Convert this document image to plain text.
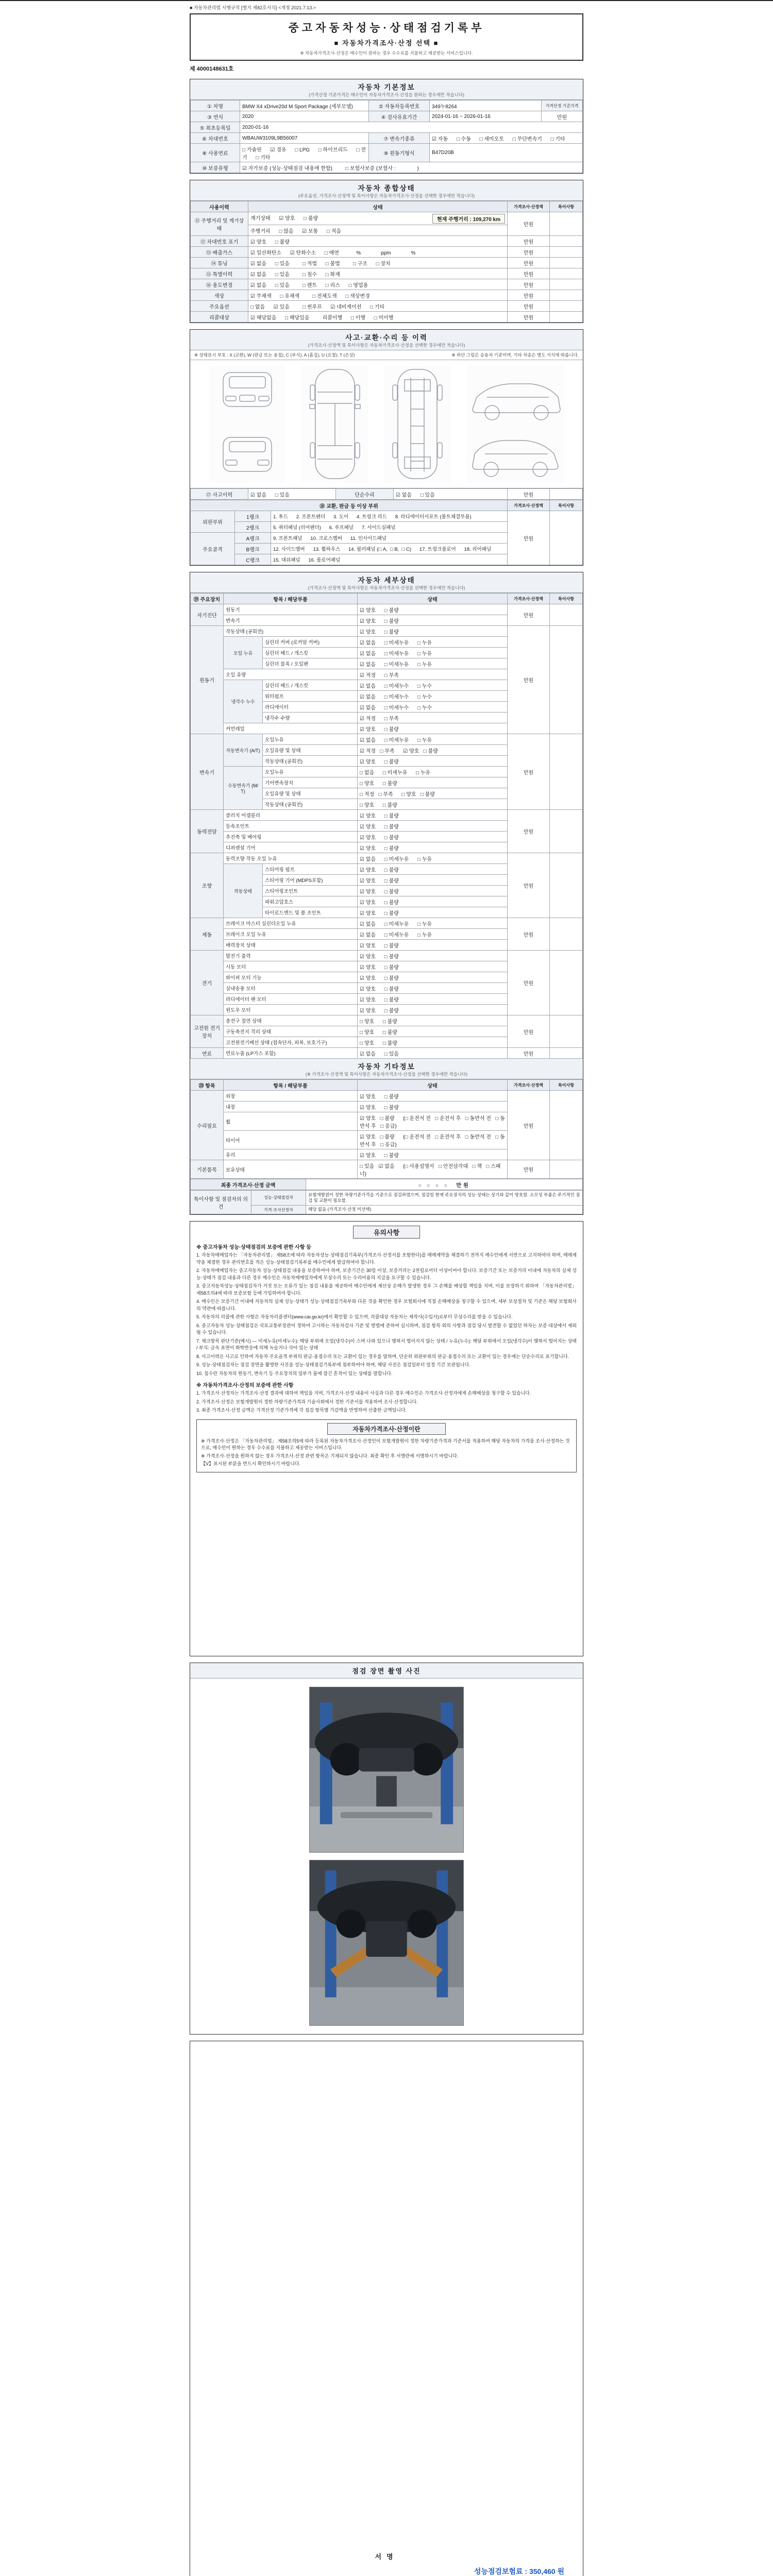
■ 자동차관리법 시행규칙 [별지 제82호서식] <개정 2021.7.13.>
중고자동차성능·상태점검기록부
■ 자동차가격조사·산정 선택 ■
※ 자동차가격조사·산정은 매수인이 원하는 경우 수수료를 지불하고 제공받는 서비스입니다.
제 4000148631호
자동차 기본정보
(가격산정 기준가격은 매수인이 자동차가격조사·산정을 원하는 경우에만 적습니다)
① 차명	BMW X4 xDrive20d M Sport Package (세부모델)	② 자동차등록번호	349누8264	가격산정 기준가격
③ 연식	2020	④ 검사유효기간	2024-01-16 ~ 2026-01-16	만원
⑤ 최초등록일	2020-01-16			
⑥ 차대번호	WBAUW3109L9B56007	⑦ 변속기종류	☑ 자동      □ 수동      □ 세미오토      □ 무단변속기      □ 기타	
⑧ 사용연료	□ 가솔린      ☑ 경유      □ LPG      □ 하이브리드      □ 전기      □ 기타	⑨ 원동기형식	B47D20B	
⑩ 보증유형	☑ 자가보증 (성능·상태점검 내용에 한함)         □ 보험사보증 (보험사 :               )			
자동차 종합상태
(주요옵션, 가격조사·산정액 및 특이사항은 자동차가격조사·산정을 선택한 경우에만 적습니다)
사용이력	상태	가격조사·산정액	특이사항
⑪ 주행거리 및 계기상태	계기상태      ☑ 양호      □ 불량 현재 주행거리 : 109,270 km	만원	
	주행거리      □ 많음      ☑ 보통      □ 적음		
⑫ 차대번호 표기	☑ 양호      □ 불량	만원	
⑬ 배출가스	☑ 일산화탄소      ☑ 탄화수소      □ 매연            %              ppm              %	만원	
⑭ 튜닝	☑ 없음      □ 있음         □ 적법      □ 불법         □ 구조      □ 장치	만원	
⑮ 특별이력	☑ 없음      □ 있음         □ 침수      □ 화재	만원	
⑯ 용도변경	☑ 없음      □ 있음         □ 렌트      □ 리스      □ 영업용	만원	
색상	☑ 무채색      □ 유채색         □ 전체도색      □ 색상변경	만원	
주요옵션	□ 없음      ☑ 있음         □ 썬루프      ☑ 네비게이션      □ 기타	만원	
리콜대상	☑ 해당없음      □ 해당있음         리콜이행      □ 이행      □ 미이행	만원	
사고·교환·수리 등 이력
(가격조사·산정액 및 특이사항은 자동차가격조사·산정을 선택한 경우에만 적습니다)
※ 상태표시 부호 : X (교환), W (판금 또는 용접), C (부식), A (흠집), U (요철), T (손상)	※ 하단 그림은 승용차 기준이며, 기타 차종은 별도 서식에 따릅니다.
⑰ 사고이력	☑ 없음      □ 있음	단순수리	☑ 없음      □ 있음	만원	
⑱ 교환, 판금 등 이상 부위			가격조사·산정액	특이사항
외판부위	1랭크	1. 후드      2. 프론트펜더      3. 도어      4. 트렁크 리드      8. 라디에이터서포트 (볼트체결부품)	만원	
	2랭크	5. 쿼터패널 (리어펜더)      6. 루프패널      7. 사이드실패널		
주요골격	A랭크	9. 프론트패널      10. 크로스멤버      11. 인사이드패널		
	B랭크	12. 사이드멤버      13. 휠하우스      14. 필러패널 (□ A,  □ B,  □ C)      17. 트렁크플로어      18. 리어패널		
	C랭크	15. 대쉬패널      16. 플로어패널		
자동차 세부상태
(가격조사·산정액 및 특이사항은 자동차가격조사·산정을 선택한 경우에만 적습니다)
⑲ 주요장치	항목 / 해당부품		상태	가격조사·산정액	특이사항
자기진단	원동기		☑ 양호      □ 불량	만원	
	변속기		☑ 양호      □ 불량		
원동기	작동상태 (공회전)		☑ 양호      □ 불량	만원	
	오일 누유	실린더 커버 (로커암 커버)	☑ 없음      □ 미세누유      □ 누유		
		실린더 헤드 / 개스킷	☑ 없음      □ 미세누유      □ 누유		
		실린더 블록 / 오일팬	☑ 없음      □ 미세누유      □ 누유		
	오일 유량		☑ 적정      □ 부족		
	냉각수 누수	실린더 헤드 / 개스킷	☑ 없음      □ 미세누수      □ 누수		
		워터펌프	☑ 없음      □ 미세누수      □ 누수		
		라디에이터	☑ 없음      □ 미세누수      □ 누수		
		냉각수 수량	☑ 적정      □ 부족		
	커먼레일		☑ 양호      □ 불량		
변속기	자동변속기 (A/T)	오일누유	☑ 없음      □ 미세누유      □ 누유	만원	
		오일유량 및 상태	☑ 적정   □ 부족      ☑ 양호   □ 불량		
		작동상태 (공회전)	☑ 양호      □ 불량		
	수동변속기 (M/T)	오일누유	□ 없음      □ 미세누유      □ 누유		
		기어변속장치	□ 양호      □ 불량		
		오일유량 및 상태	□ 적정   □ 부족      □ 양호   □ 불량		
		작동상태 (공회전)	□ 양호      □ 불량		
동력전달	클러치 어셈블리		☑ 양호      □ 불량	만원	
	등속조인트		☑ 양호      □ 불량		
	추진축 및 베어링		☑ 양호      □ 불량		
	디퍼렌셜 기어		☑ 양호      □ 불량		
조향	동력조향 작동 오일 누유		☑ 없음      □ 미세누유      □ 누유	만원	
	작동상태	스티어링 펌프	☑ 양호      □ 불량		
		스티어링 기어 (MDPS포함)	☑ 양호      □ 불량		
		스티어링조인트	☑ 양호      □ 불량		
		파워고압호스	☑ 양호      □ 불량		
		타이로드엔드 및 볼 조인트	☑ 양호      □ 불량		
제동	브레이크 마스터 실린더오일 누유		☑ 없음      □ 미세누유      □ 누유	만원	
	브레이크 오일 누유		☑ 없음      □ 미세누유      □ 누유		
	배력장치 상태		☑ 양호      □ 불량		
전기	발전기 출력		☑ 양호      □ 불량	만원	
	시동 모터		☑ 양호      □ 불량		
	와이퍼 모터 기능		☑ 양호      □ 불량		
	실내송풍 모터		☑ 양호      □ 불량		
	라디에이터 팬 모터		☑ 양호      □ 불량		
	윈도우 모터		☑ 양호      □ 불량		
고전원 전기장치	충전구 절연 상태		□ 양호      □ 불량	만원	
	구동축전지 격리 상태		□ 양호      □ 불량		
	고전원전기배선 상태 (접속단자, 피복, 보호기구)		□ 양호      □ 불량		
연료	연료누출 (LP가스 포함)		☑ 없음      □ 있음	만원	
자동차 기타정보
(※ 가격조사·산정액 및 특이사항은 자동차가격조사·산정을 선택한 경우에만 적습니다)
⑳ 항목	항목 / 해당부품	상태	가격조사·산정액	특이사항
수리필요	외장	☑ 양호      □ 불량	만원	
	내장	☑ 양호      □ 불량		
	휠	☑ 양호   □ 불량      (□ 운전석 전   □ 운전석 후   □ 동반석 전   □ 동반석 후   □ 응급)		
	타이어	☑ 양호   □ 불량      (□ 운전석 전   □ 운전석 후   □ 동반석 전   □ 동반석 후   □ 응급)		
	유리	☑ 양호      □ 불량		
기본품목	보유상태	□ 있음   ☑ 없음      (□ 사용설명서   □ 안전삼각대   □ 잭   □ 스패너)	만원	
최종 가격조사·산정 금액	○ ○ ○ ○  만원
특이사항 및 점검자의 의견	성능·상태점검자	보험개발원이 정한 차량기준가격을 기준으로 점검하였으며, 점검일 현재 주요장치의 성능·상태는 상기와 같이 양호함. 소모성 부품은 주기적인 점검 및 교환이 필요함.
	가격·조사산정자	해당 없음 (가격조사·산정 미선택)
유의사항
※ 중고자동차 성능·상태점검의 보증에 관한 사항 등

1. 자동차매매업자는 「자동차관리법」 제58조에 따라 자동차성능·상태점검기록부(가격조사·산정서를 포함한다)를 매매계약을 체결하기 전까지 매수인에게 서면으로 고지하여야 하며, 매매계약을 체결한 경우 관리번호를 적은 성능·상태점검기록부를 매수인에게 발급하여야 합니다.

2. 자동차매매업자는 중고자동차 성능·상태점검 내용을 보증하여야 하며, 보증기간은 30일 이상, 보증거리는 2천킬로미터 이상이어야 합니다. 보증기간 또는 보증거리 이내에 자동차의 실제 성능·상태가 점검 내용과 다른 경우 매수인은 자동차매매업자에게 무상수리 또는 수리비용의 지급을 요구할 수 있습니다.

3. 중고자동차성능·상태점검자가 거짓 또는 오류가 있는 점검 내용을 제공하여 매수인에게 재산상 손해가 발생한 경우 그 손해를 배상할 책임을 지며, 이를 보장하기 위하여 「자동차관리법」 제58조의4에 따라 보증보험 등에 가입하여야 합니다.

4. 매수인은 보증기간 이내에 자동차의 실제 성능·상태가 성능·상태점검기록부와 다른 것을 확인한 경우 보험회사에 직접 손해배상을 청구할 수 있으며, 세부 보상절차 및 기준은 해당 보험회사의 약관에 따릅니다.

5. 자동차의 리콜에 관한 사항은 자동차리콜센터(www.car.go.kr)에서 확인할 수 있으며, 리콜대상 자동차는 제작사(수입사)로부터 무상수리를 받을 수 있습니다.

6. 중고자동차 성능·상태점검은 국토교통부장관이 정하여 고시하는 자동차검사 기준 및 방법에 준하여 실시하며, 점검 항목 외의 사항과 점검 당시 발견할 수 없었던 하자는 보증 대상에서 제외될 수 있습니다.

7. 체크항목 판단기준(예시) — 미세누유(미세누수): 해당 부위에 오일(냉각수)이 스며 나와 있으나 맺혀서 떨어지지 않는 상태 / 누유(누수): 해당 부위에서 오일(냉각수)이 맺혀서 떨어지는 상태 / 부식: 금속 표면이 화학반응에 의해 녹슬거나 삭아 있는 상태

8. 사고이력은 사고로 인하여 자동차 주요골격 부위의 판금·용접수리 또는 교환이 있는 경우를 말하며, 단순히 외판부위의 판금·용접수리 또는 교환이 있는 경우에는 단순수리로 표기합니다.

9. 성능·상태점검자는 점검 장면을 촬영한 사진을 성능·상태점검기록부에 첨부하여야 하며, 해당 사진은 점검일부터 일정 기간 보관됩니다.

10. 침수란 자동차의 원동기, 변속기 등 주요장치의 일부가 물에 잠긴 흔적이 있는 상태를 말합니다.

※ 자동차가격조사·산정의 보증에 관한 사항

1. 가격조사·산정자는 가격조사·산정 결과에 대하여 책임을 지며, 가격조사·산정 내용이 사실과 다른 경우 매수인은 가격조사·산정자에게 손해배상을 청구할 수 있습니다.

2. 가격조사·산정은 보험개발원이 정한 차량기준가격과 기술사회에서 정한 기준서를 적용하여 조사·산정합니다.

3. 최종 가격조사·산정 금액은 가격산정 기준가격에 각 점검 항목별 가감액을 반영하여 산출한 금액입니다.

자동차가격조사·산정이란

※ 가격조사·산정은 「자동차관리법」 제58조의5에 따라 등록된 자동차가격조사·산정인이 보험개발원이 정한 차량기준가격과 기준서를 적용하여 해당 자동차의 가격을 조사·산정하는 것으로, 매수인이 원하는 경우 수수료를 지불하고 제공받는 서비스입니다.

※ 가격조사·산정을 원하지 않는 경우 가격조사·산정 관련 항목은 기재되지 않습니다. 최종 확인 후 서명란에 서명하시기 바랍니다.

【V】표시된 부분을 반드시 확인하시기 바랍니다.

점검 장면 촬영 사진
서명
성능점검보험료 : 350,460 원
